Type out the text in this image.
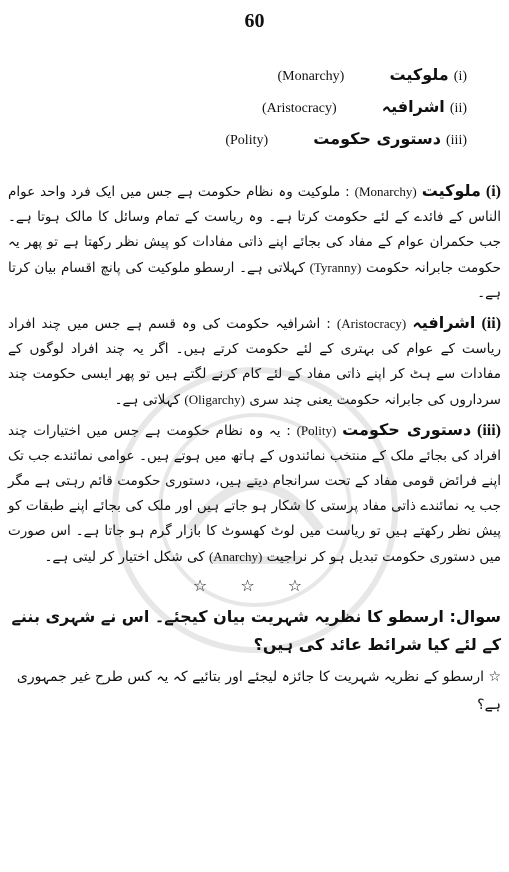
60
(i) ملوکیت (Monarchy)
(ii) اشرافیہ (Aristocracy)
(iii) دستوری حکومت (Polity)

(i) ملوکیت (Monarchy) : ملوکیت وہ نظام حکومت ہے جس میں ایک فرد واحد عوام الناس کے فائدے کے لئے حکومت کرتا ہے۔ وہ ریاست کے تمام وسائل کا مالک ہوتا ہے۔ جب حکمران عوام کے مفاد کی بجائے اپنے ذاتی مفادات کو پیش نظر رکھتا ہے تو پھر یہ حکومت جابرانہ حکومت (Tyranny) کہلاتی ہے۔ ارسطو ملوکیت کی پانچ اقسام بیان کرتا ہے۔

(ii) اشرافیہ (Aristocracy) : اشرافیہ حکومت کی وہ قسم ہے جس میں چند افراد ریاست کے عوام کی بہتری کے لئے حکومت کرتے ہیں۔ اگر یہ چند افراد لوگوں کے مفادات سے ہٹ کر اپنے ذاتی مفاد کے لئے کام کرنے لگتے ہیں تو پھر ایسی حکومت چند سرداروں کی جابرانہ حکومت یعنی چند سری (Oligarchy) کہلاتی ہے۔

(iii) دستوری حکومت (Polity) : یہ وہ نظام حکومت ہے جس میں اختیارات چند افراد کی بجائے ملک کے منتخب نمائندوں کے ہاتھ میں ہوتے ہیں۔ عوامی نمائندے جب تک اپنے فرائض قومی مفاد کے تحت سرانجام دیتے ہیں، دستوری حکومت قائم رہتی ہے مگر جب یہ نمائندے ذاتی مفاد پرستی کا شکار ہو جاتے ہیں اور ملک کی بجائے اپنے طبقات کو پیش نظر رکھتے ہیں تو ریاست میں لوٹ کھسوٹ کا بازار گرم ہو جاتا ہے۔ اس صورت میں دستوری حکومت تبدیل ہو کر نراجیت (Anarchy) کی شکل اختیار کر لیتی ہے۔

☆ ☆ ☆

سوال: ارسطو کا نظریہ شہریت بیان کیجئے۔ اس نے شہری بننے کے لئے کیا شرائط عائد کی ہیں؟

☆ ارسطو کے نظریہ شہریت کا جائزہ لیجئے اور بتائیے کہ یہ کس طرح غیر جمہوری ہے؟
